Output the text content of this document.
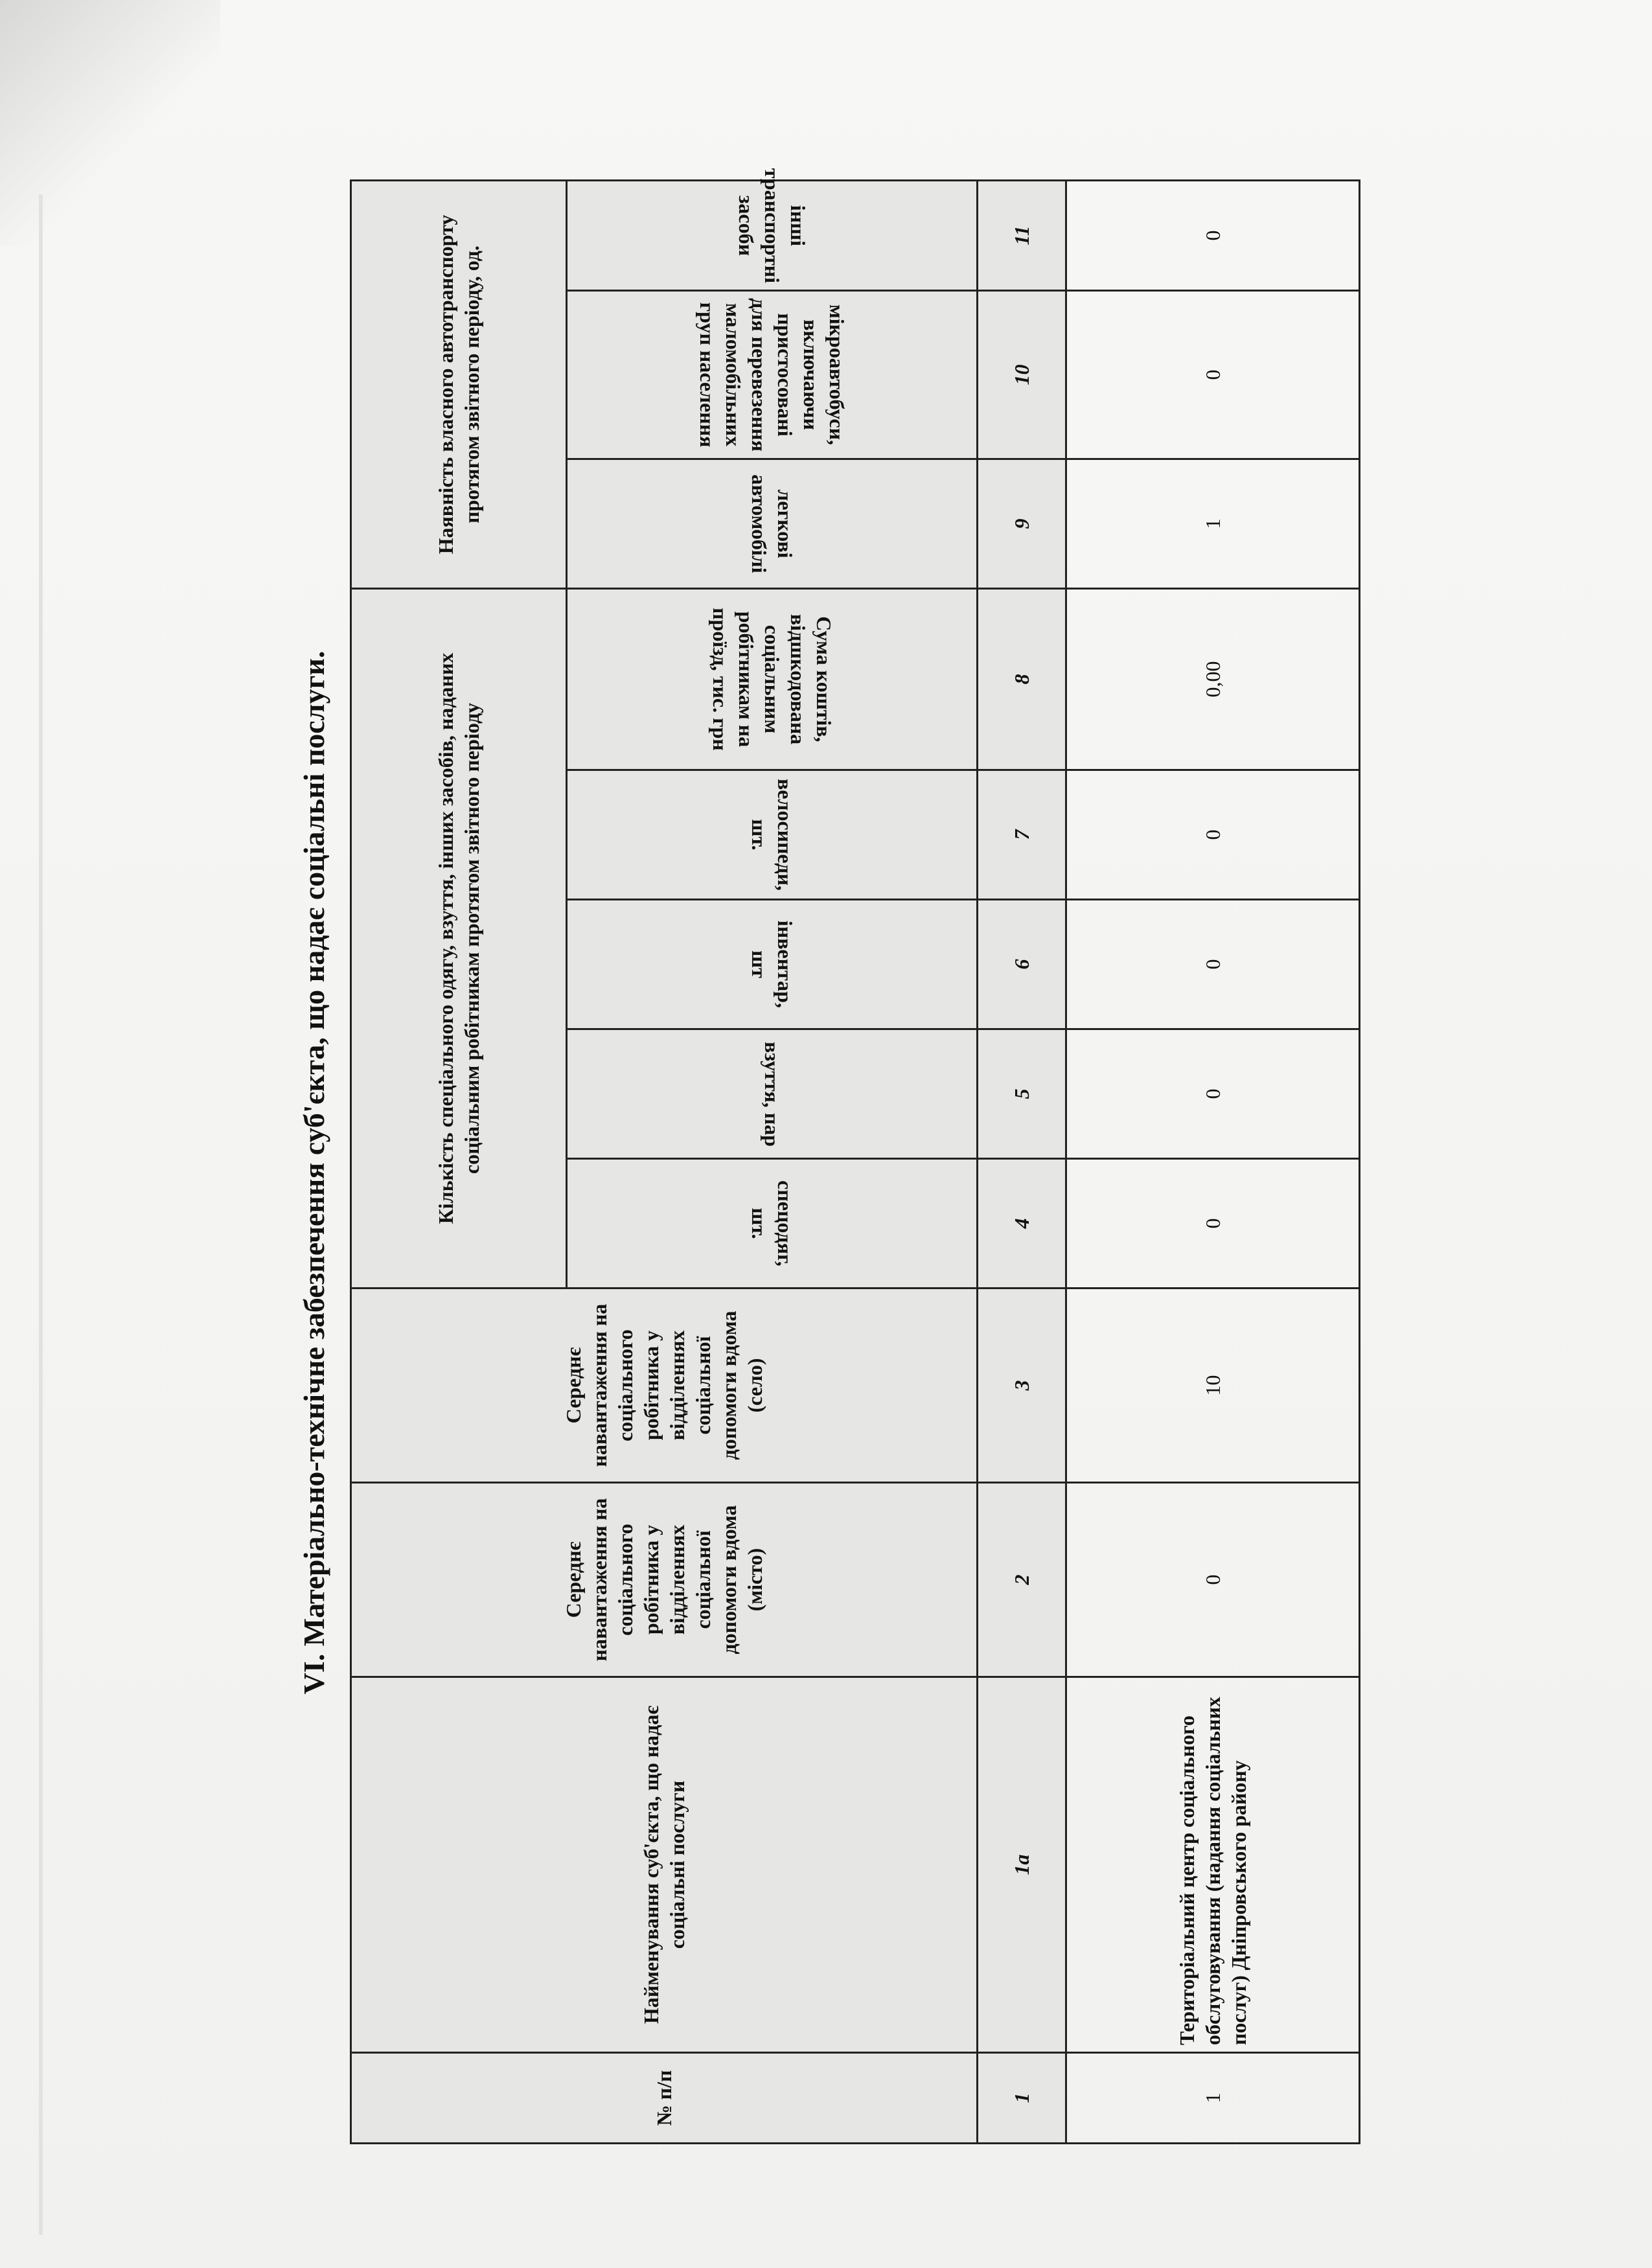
VI. Матеріально-технічне забезпечення суб'єкта, що надає соціальні послуги.
№ п/п	Найменування суб'єкта, що надає соціальні послуги	Середнє навантаження на соціального робітника у відділеннях соціальної допомоги вдома (місто)	Середнє навантаження на соціального робітника у відділеннях соціальної допомоги вдома (село)	Кількість спеціального одягу, взуття, інших засобів, наданих соціальним робітникам протягом звітного періоду					Наявність власного автотранспорту протягом звітного періоду, од.		
				спецодяг, шт.	взуття, пар	інвентар, шт	велосипеди, шт.	Сума коштів, відшкодована соціальним робітникам на проїзд, тис. грн	легкові автомобілі	мікроавтобуси, включаючи пристосовані для перевезення маломобільних груп населення	інші транспортні засоби
1	1а	2	3	4	5	6	7	8	9	10	11
1	Територіальний центр соціального обслуговування (надання соціальних послуг) Дніпровського району	0	10	0	0	0	0	0,00	1	0	0
